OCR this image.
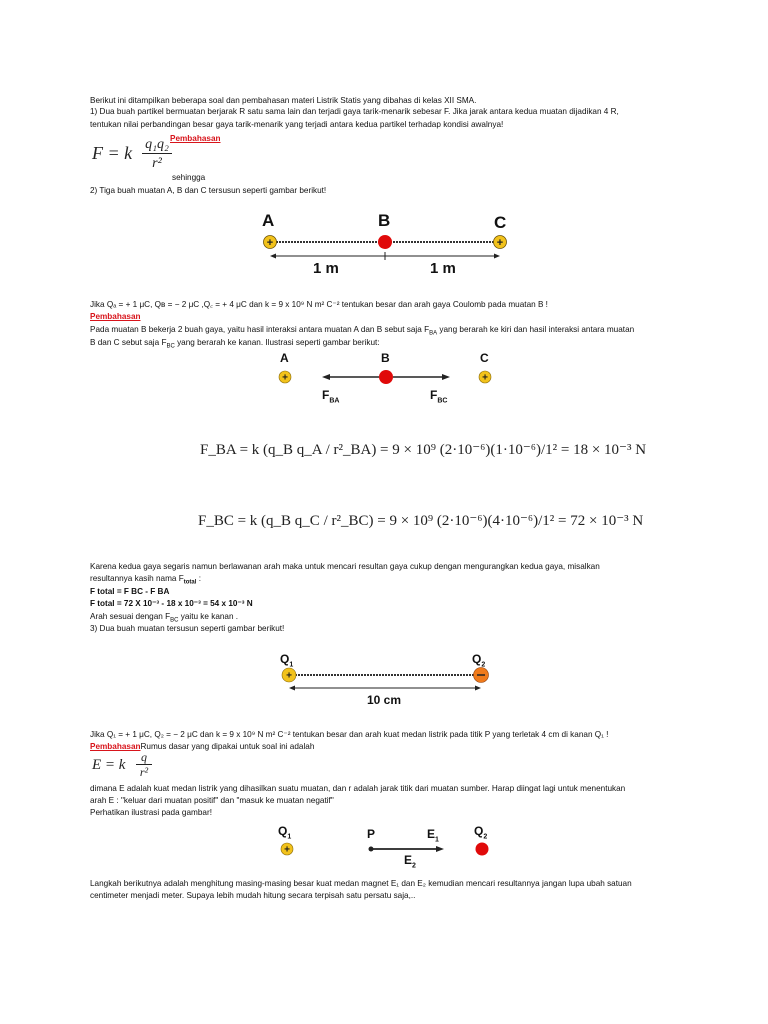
Berikut ini ditampilkan beberapa soal dan pembahasan materi Listrik Statis yang dibahas di kelas XII SMA.
1) Dua buah partikel bermuatan berjarak R satu sama lain dan terjadi gaya tarik-menarik sebesar F. Jika jarak antara kedua muatan dijadikan 4 R,
tentukan nilai perbandingan besar gaya tarik-menarik yang terjadi antara kedua partikel terhadap kondisi awalnya!
Pembahasan
F = k q₁q₂
r²
sehingga
2) Tiga buah muatan A, B dan C tersusun seperti gambar berikut!
+	+
+	+
+
+
A	B	C
1 m	1 m
Jika Qₐ = + 1 μC, Qʙ = − 2 μC ,Q꜀ = + 4 μC dan k = 9 x 10⁹ N m² C⁻² tentukan besar dan arah gaya Coulomb pada muatan B !
Pembahasan
Pada muatan B bekerja 2 buah gaya, yaitu hasil interaksi antara muatan A dan B sebut saja $F_{BA}$ yang berarah ke kiri dan hasil interaksi antara muatan
B dan C sebut saja $F_{BC}$ yang berarah ke kanan. Ilustrasi seperti gambar berikut:
A	B	C
$F_{BA}$	$F_{BC}$
F_BA = k (q_B q_A / r²_BA) = 9 × 10⁹ (2·10⁻⁶)(1·10⁻⁶)/1² = 18 × 10⁻³ N
F_BC = k (q_B q_C / r²_BC) = 9 × 10⁹ (2·10⁻⁶)(4·10⁻⁶)/1² = 72 × 10⁻³ N
Karena kedua gaya segaris namun berlawanan arah maka untuk mencari resultan gaya cukup dengan mengurangkan kedua gaya, misalkan
resultannya kasih nama $F_{total}$ :
F total = F BC - F BA
F total = 72 X 10⁻³ - 18 x 10⁻³ = 54 x 10⁻³ N
Arah sesuai dengan $F_{BC}$ yaitu ke kanan .
3) Dua buah muatan tersusun seperti gambar berikut!
$Q_1$	$Q_2$
10 cm
Jika Q₁ = + 1 μC, Q₂ = − 2 μC dan k = 9 x 10⁹ N m² C⁻² tentukan besar dan arah kuat medan listrik pada titik P yang terletak 4 cm di kanan Q₁ !
PembahasanRumus dasar yang dipakai untuk soal ini adalah
E = k	q
r²
dimana E adalah kuat medan listrik yang dihasilkan suatu muatan, dan r adalah jarak titik dari muatan sumber. Harap diingat lagi untuk menentukan
arah E : "keluar dari muatan positif" dan "masuk ke muatan negatif"
Perhatikan ilustrasi pada gambar!
$Q_1$	P	$E_1$
$Q_2$
$E_2$
Langkah berikutnya adalah menghitung masing-masing besar kuat medan magnet E₁ dan E₂ kemudian mencari resultannya jangan lupa ubah satuan
centimeter menjadi meter. Supaya lebih mudah hitung secara terpisah satu persatu saja,..
